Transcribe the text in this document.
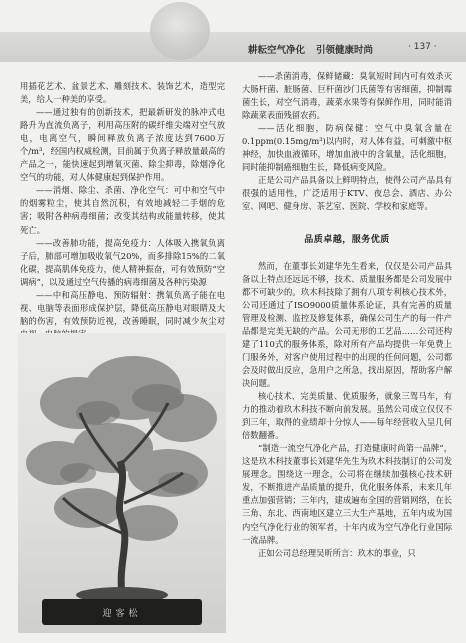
耕耘空气净化 引领健康时尚	· 137 ·

用插花艺术、盆景艺术、雕刻技术、装饰艺术，造型完美，给人一种美的享受。

——通过独有的创新技术，把最新研发的脉冲式电路升为直流负离子，利用高压附的碳纤维尖端对空气放电，电离空气，瞬间释放负离子浓度达到7600万个/m³，经国内权威检测，目前属于负离子释放量最高的产品之一，能快速起到增氧灭菌、除尘抑毒，除烟净化空气的功能，对人体健康起到保护作用。

——消烟、除尘、杀菌、净化空气：可中和空气中的烟雾粒尘，使其自然沉积，有效地减轻二手烟的危害；吸附各种病毒细菌；改变其结构或能量转移，使其死亡。

——改善肺功能，提高免疫力：人体吸入携氧负离子后，肺部可增加吸收氧气20%，而多排除15%的二氧化碳，提高肌体免疫力，使人精神振奋，可有效预防“空调病”，以及通过空气传播的病毒细菌及各种污染源

——中和高压静电、预防辐射：携氧负离子能在电视、电脑等表面形成保护层，降低高压静电对眼睛及大脑的伤害，有效预防近视，改善睡眠，同时减少灰尘对

迎客松

——杀菌消毒，保鲜储藏：臭氧短时间内可有效杀灭大肠杆菌、脏肠菌、巨杆菌沙门氏菌等有害细菌，抑制霉菌生长，对空气消毒，蔬菜水果等有保鲜作用，同时能消除蔬菜表面残留农药。

——活化细胞，防病保健：空气中臭氧含量在0.1ppm(0.15mg/m³)以内时，对人体有益，可刺激中枢神经，加快血液循环，增加血液中的含氧量，活化细胞，同时能抑制癌细胞生长，降低病变风险。

正是公司产品具备以上鲜明特点，使得公司产品具有很强的适用性，广泛适用于KTV、夜总会、酒店、办公室、网吧、健身房、茶艺室、医院、学校和家庭等。

品质卓越，服务优质

然而，在董事长刘建华先生看来，仅仅是公司产品具备以上特点还远远不够，技术、质量服务都是公司发展中都不可缺少的。玖木科技除了拥有八项专利核心技术外，公司还通过了ISO9000质量体系论证，具有完善的质量管理及检测、监控及修复体系，确保公司生产的每一件产品都是完美无缺的产品。公司无形的工艺品……公司还构建了110式的服务体系，除对所有产品均提供一年免费上门服务外，对客户使用过程中的出现的任何问题，公司都会及时做出反应，急用户之所急，找出原因，帮助客户解决问题。

核心技术、完美质量、优质服务，就象三驾马车，有力的推动着玖木科技不断向前发展。虽然公司成立仅仅不到三年，取得的业绩却十分惊人——每年经营收入呈几何倍数翻番。

“制造一流空气净化产品，打造健康时尚第一品牌”，这是玖木科技董事长刘建华先生为玖木科技制订的公司发展理念。围绕这一理念，公司将在继续加强核心技术研发，不断推进产品质量的提升，优化服务体系，未来几年重点加强营销；三年内，建成遍布全国的营销网络，在长三角、东北、西南地区建立三大生产基地，五年内成为国内空气净化行业的领军者，十年内成为空气净化行业国际一流品牌。

正如公司总经理吴昕所言：玖木的事业，只
